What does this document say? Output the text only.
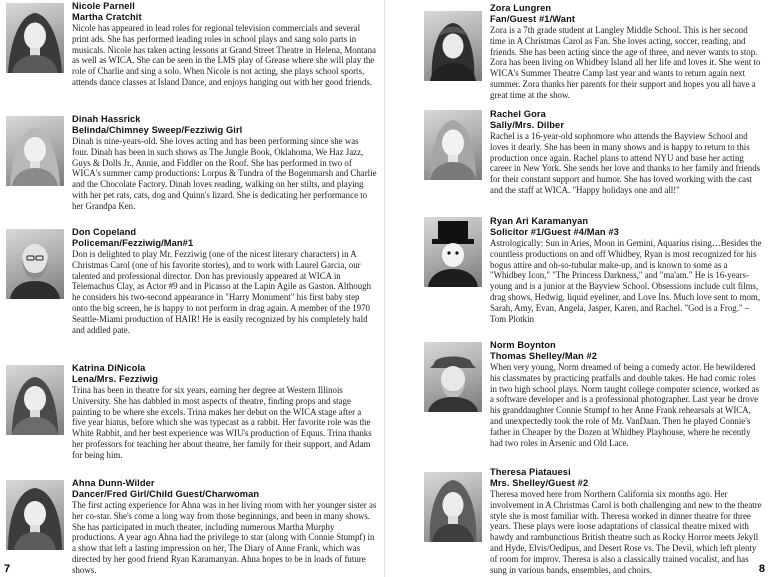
Nicole Parnell
Martha Cratchit

Nicole has appeared in lead roles for regional television commercials and several print ads. She has performed leading roles in school plays and sang solo parts in musicals. Nicole has taken acting lessons at Grand Street Theatre in Helena, Montana as well as WICA. She can be seen in the LMS play of Grease where she will play the role of Charlie and sing a solo. When Nicole is not acting, she plays school sports, attends dance classes at Island Dance, and enjoys hanging out with her good friends.

Dinah Hassrick
Belinda/Chimney Sweep/Fezziwig Girl

Dinah is nine-years-old. She loves acting and has been performing since she was four. Dinah has been in such shows as The Jungle Book, Oklahoma, We Haz Jazz, Guys & Dolls Jr., Annie, and Fiddler on the Roof. She has performed in two of WICA's summer camp productions: Lorpus & Tundra of the Bogenmarsh and Charlie and the Chocolate Factory. Dinah loves reading, walking on her stilts, and playing with her pet rats, cats, dog and Quinn's lizard. She is dedicating her performance to her Grandpa Ken.

Don Copeland
Policeman/Fezziwig/Man#1

Don is delighted to play Mr. Fezziwig (one of the nicest literary characters) in A Christmas Carol (one of his favorite stories), and to work with Laurel Garcia, our talented and professional director. Don has previously appeared at WICA in Telemachus Clay, as Actor #9 and in Picasso at the Lapin Agile as Gaston. Although he considers his two-second appearance in "Harry Monument" his first baby step onto the big screen, he is happy to not perform in drag again. A member of the 1970 Seattle-Miami production of HAIR! He is easily recognized by his completely bald and addled pate.

Katrina DiNicola
Lena/Mrs. Fezziwig

Trina has been in theatre for six years, earning her degree at Western Illinois University. She has dabbled in most aspects of theatre, finding props and stage painting to be where she excels. Trina makes her debut on the WICA stage after a five year hiatus, before which she was typecast as a rabbit. Her favorite role was the White Rabbit, and her best experience was WIU's production of Equus. Trina thanks her professors for teaching her about theatre, her family for their support, and Adam for being him.

Ahna Dunn-Wilder
Dancer/Fred Girl/Child Guest/Charwoman

The first acting experience for Ahna was in her living room with her younger sister as her co-star. She's come a long way from those beginnings, and been in many shows. She has participated in much theater, including numerous Martha Murphy productions. A year ago Ahna had the privilege to star (along with Connie Stumpf) in a show that left a lasting impression on her, The Diary of Anne Frank, which was directed by her good friend Ryan Karamanyan. Ahna hopes to be in loads of future shows.

7
Zora Lungren
Fan/Guest #1/Want

Zora is a 7th grade student at Langley Middle School. This is her second time in A Christmas Carol as Fan. She loves acting, soccer, reading, and friends. She has been acting since the age of three, and never wants to stop. Zora has been living on Whidbey Island all her life and loves it. She went to WICA's Summer Theatre Camp last year and wants to return again next summer. Zora thanks her parents for their support and hopes you all have a great time at the show.

Rachel Gora
Sally/Mrs. Dilber

Rachel is a 16-year-old sophomore who attends the Bayview School and loves it dearly. She has been in many shows and is happy to return to this production once again. Rachel plans to attend NYU and base her acting career in New York. She sends her love and thanks to her family and friends for their constant support and humor. She has loved working with the cast and the staff at WICA. "Happy holidays one and all!"

Ryan Ari Karamanyan
Solicitor #1/Guest #4/Man #3

Astrologically: Sun in Aries, Moon in Gemini, Aquarius rising…Besides the countless productions on and off Whidbey, Ryan is most recognized for his bogus attire and oh-so-tubular make-up, and is known to some as a "Whidbey Icon," "The Princess Darkness," and "ma'am." He is 16-years-young and is a junior at the Bayview School. Obsessions include cult films, drag shows, Hedwig, liquid eyeliner, and Love Ins. Much love sent to mom, Sarah, Amy, Evan, Angela, Jasper, Karen, and Rachel. "God is a Frog." – Tom Plotkin

Norm Boynton
Thomas Shelley/Man #2

When very young, Norm dreamed of being a comedy actor. He bewildered his classmates by practicing pratfalls and double takes. He had comic roles in two high school plays. Norm taught college computer science, worked as a software developer and is a professional photographer. Last year he drove his granddaughter Connie Stumpf to her Anne Frank rehearsals at WICA, and unexpectedly took the role of Mr. VanDaan. Then he played Connie's father in Cheaper by the Dozen at Whidbey Playhouse, where he recently had two roles in Arsenic and Old Lace.

Theresa Piatauesi
Mrs. Shelley/Guest #2

Theresa moved here from Northern California six months ago. Her involvement in A Christmas Carol is both challenging and new to the theatre style she is most familiar with. Theresa worked in dinner theatre for three years. These plays were loose adaptations of classical theatre mixed with bawdy and rambunctious British theatre such as Rocky Horror meets Jekyll and Hyde, Elvis/Oedipus, and Desert Rose vs. The Devil, which left plenty of room for improv. Theresa is also a classically trained vocalist, and has sung in various bands, ensembles, and choirs.	8
